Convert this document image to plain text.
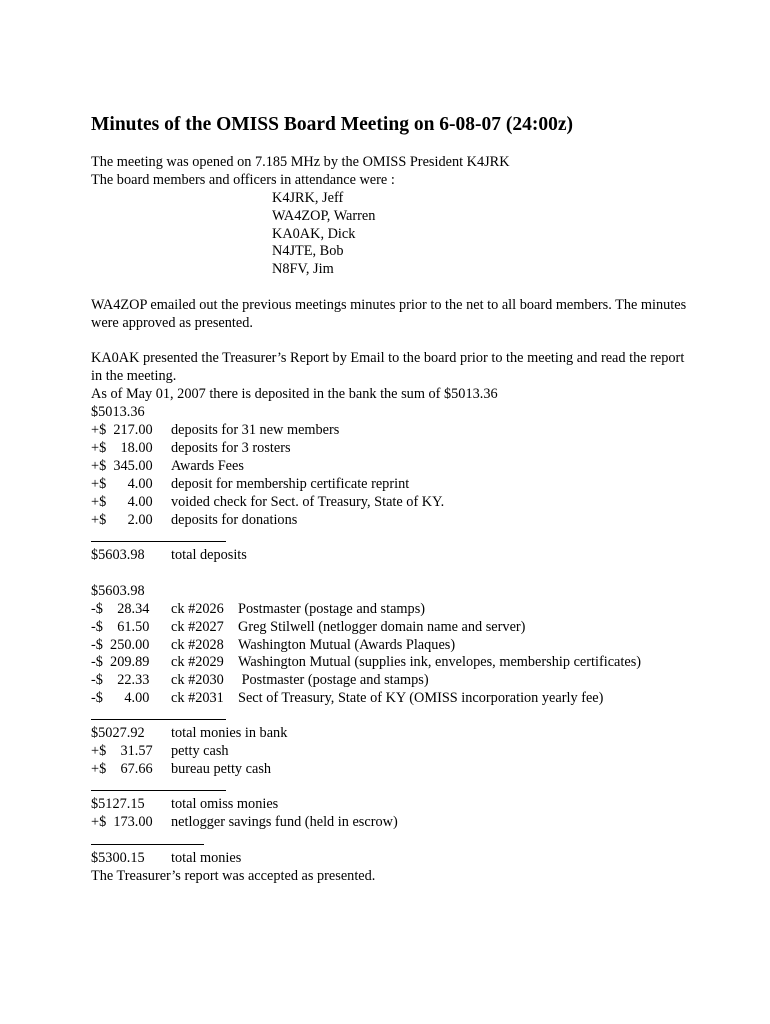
Minutes of the OMISS Board Meeting on 6-08-07 (24:00z)
The meeting was opened on 7.185 MHz by the OMISS President K4JRK
The board members and officers in attendance were :
K4JRK, Jeff
WA4ZOP, Warren
KA0AK, Dick
N4JTE, Bob
N8FV, Jim
WA4ZOP emailed out the previous meetings minutes prior to the net to all board members. The minutes were approved as presented.
KA0AK presented the Treasurer’s Report by Email to the board prior to the meeting and read the report in the meeting.
As of May 01, 2007 there is deposited in the bank the sum of $5013.36
$5013.36
+$  217.00 deposits for 31 new members
+$    18.00 deposits for 3 rosters
+$  345.00 Awards Fees
+$      4.00 deposit for membership certificate reprint
+$      4.00 voided check for Sect. of Treasury, State of KY.
+$      2.00 deposits for donations
$5603.98 total deposits
$5603.98
-$    28.34 ck #2026 Postmaster (postage and stamps)
-$    61.50 ck #2027 Greg Stilwell (netlogger domain name and server)
-$  250.00 ck #2028 Washington Mutual (Awards Plaques)
-$  209.89 ck #2029 Washington Mutual (supplies ink, envelopes, membership certificates)
-$    22.33 ck #2030 Postmaster (postage and stamps)
-$      4.00 ck #2031 Sect of Treasury, State of KY (OMISS incorporation yearly fee)
$5027.92 total monies in bank
+$    31.57 petty cash
+$    67.66 bureau petty cash
$5127.15 total omiss monies
+$  173.00 netlogger savings fund (held in escrow)
$5300.15 total monies
The Treasurer’s report was accepted as presented.
